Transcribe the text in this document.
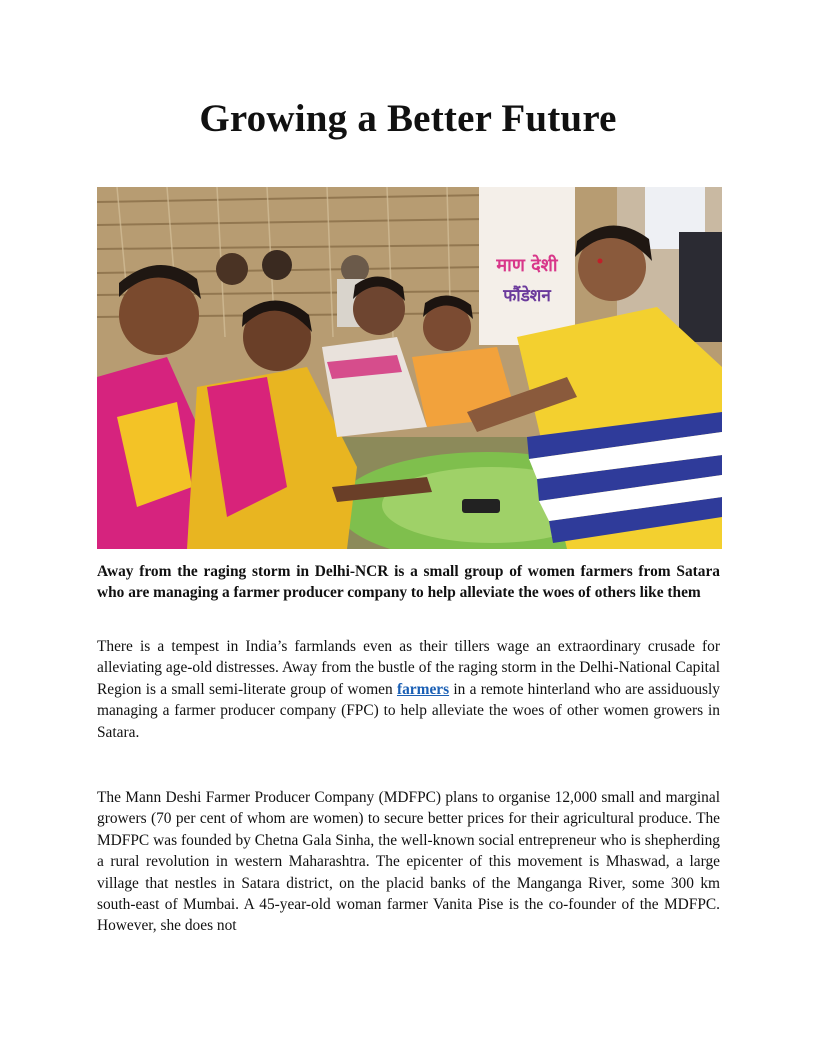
Growing a Better Future
माण देशी
फौंडेशन

Away from the raging storm in Delhi-NCR is a small group of women farmers from Satara who are managing a farmer producer company to help alleviate the woes of others like them

There is a tempest in India’s farmlands even as their tillers wage an extraordinary crusade for alleviating age-old distresses. Away from the bustle of the raging storm in the Delhi-National Capital Region is a small semi-literate group of women farmers in a remote hinterland who are assiduously managing a farmer producer company (FPC) to help alleviate the woes of other women growers in Satara.

The Mann Deshi Farmer Producer Company (MDFPC) plans to organise 12,000 small and marginal growers (70 per cent of whom are women) to secure better prices for their agricultural produce. The MDFPC was founded by Chetna Gala Sinha, the well-known social entrepreneur who is shepherding a rural revolution in western Maharashtra. The epicenter of this movement is Mhaswad, a large village that nestles in Satara district, on the placid banks of the Manganga River, some 300 km south-east of Mumbai. A 45-year-old woman farmer Vanita Pise is the co-founder of the MDFPC. However, she does not
